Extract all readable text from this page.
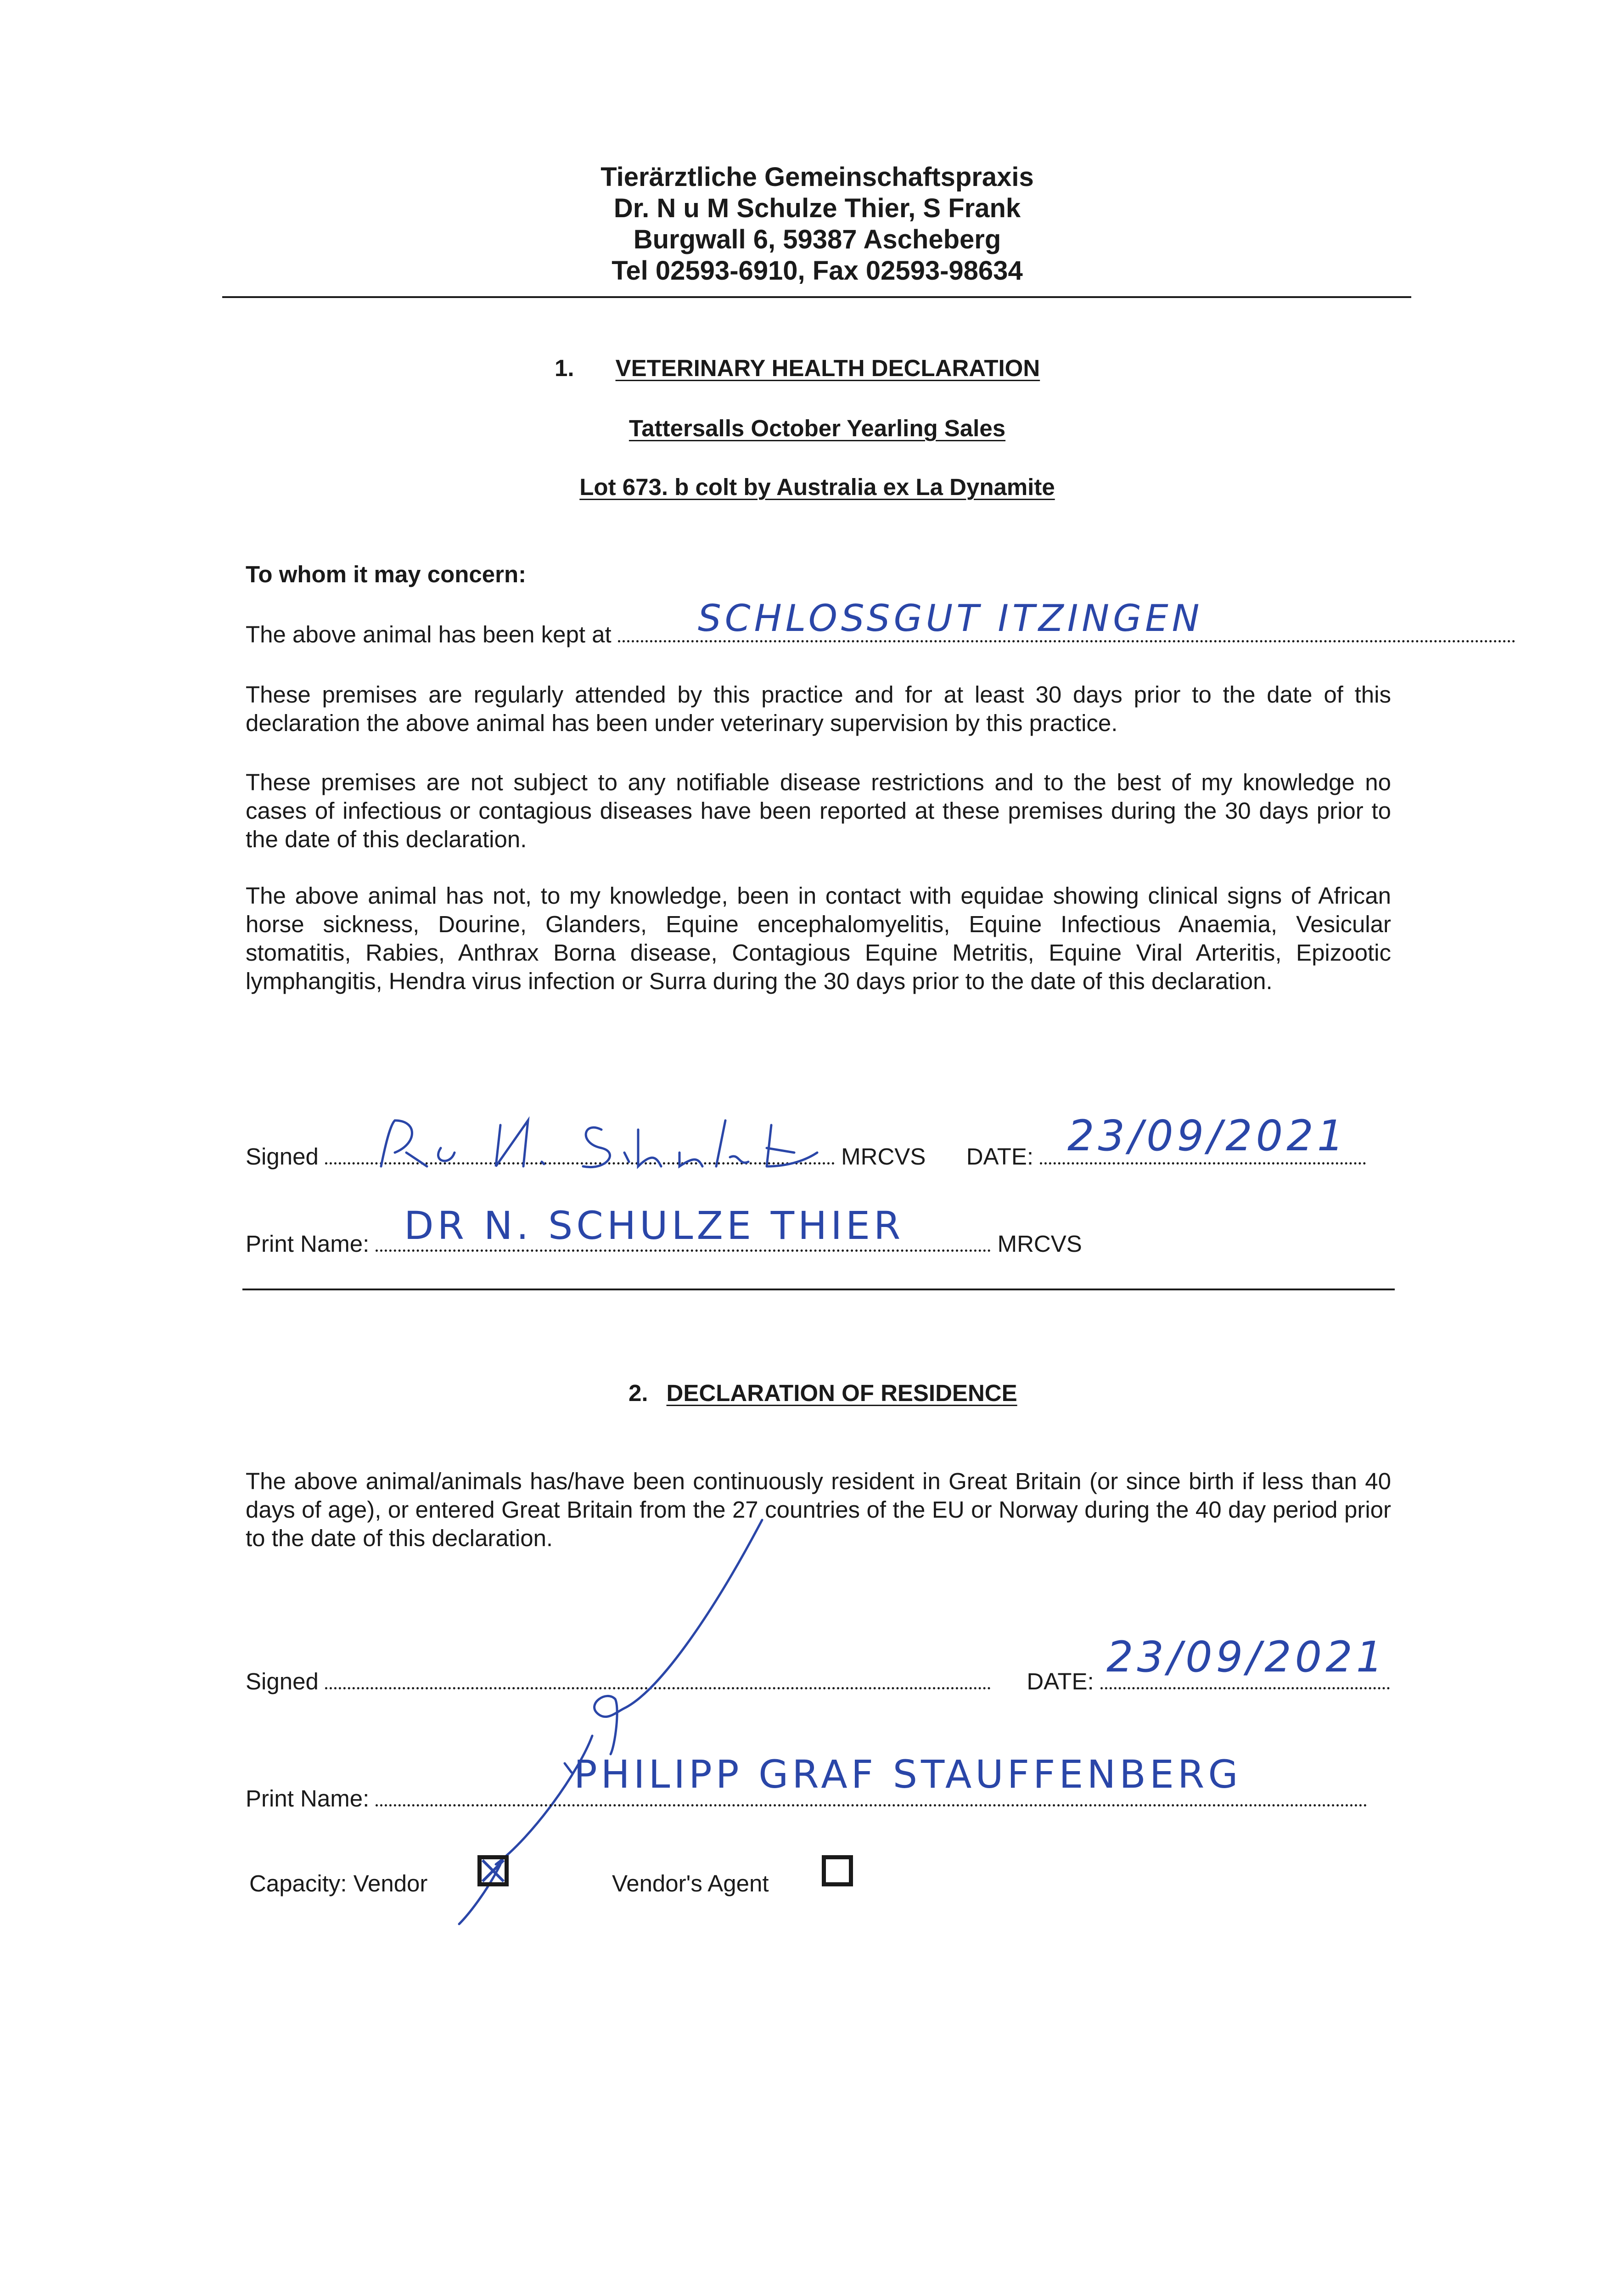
Tierärztliche Gemeinschaftspraxis
Dr. N u M Schulze Thier, S Frank
Burgwall 6, 59387 Ascheberg
Tel 02593-6910, Fax 02593-98634
1. VETERINARY HEALTH DECLARATION
Tattersalls October Yearling Sales
Lot 673. b colt by Australia ex La Dynamite
To whom it may concern:
The above animal has been kept at	SCHLOSSGUT ITZINGEN
These premises are regularly attended by this practice and for at least 30 days prior to the date of this declaration the above animal has been under veterinary supervision by this practice.
These premises are not subject to any notifiable disease restrictions and to the best of my knowledge no cases of infectious or contagious diseases have been reported at these premises during the 30 days prior to the date of this declaration.
The above animal has not, to my knowledge, been in contact with equidae showing clinical signs of African horse sickness, Dourine, Glanders, Equine encephalomyelitis, Equine Infectious Anaemia, Vesicular stomatitis, Rabies, Anthrax Borna disease, Contagious Equine Metritis, Equine Viral Arteritis, Epizootic lymphangitis, Hendra virus infection or Surra during the 30 days prior to the date of this declaration.
Signed	MRCVS DATE: 23/09/2021
Print Name:	MRCVS
DR N. SCHULZE THIER
2. DECLARATION OF RESIDENCE
The above animal/animals has/have been continuously resident in Great Britain (or since birth if less than 40 days of age), or entered Great Britain from the 27 countries of the EU or Norway during the 40 day period prior to the date of this declaration.
Signed	DATE: 23/09/2021
Print Name:
PHILIPP GRAF STAUFFENBERG
Capacity: Vendor	Vendor's Agent
